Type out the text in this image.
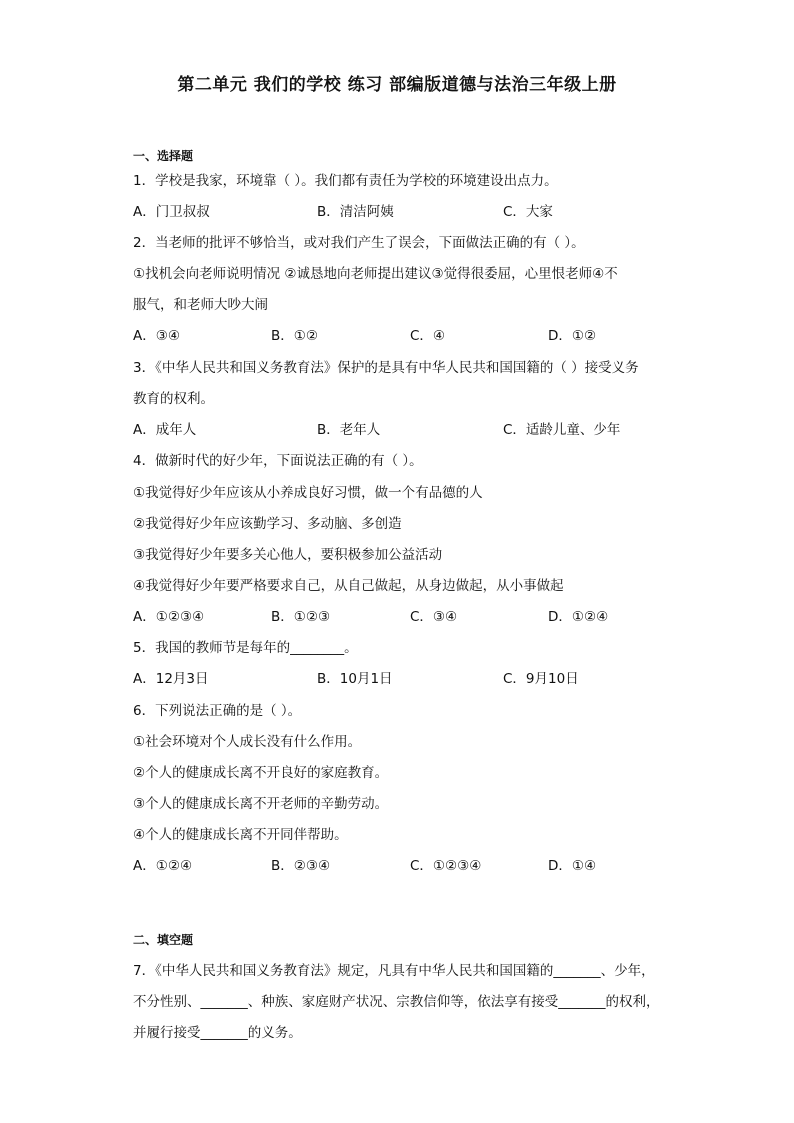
第二单元 我们的学校 练习 部编版道德与法治三年级上册
一、选择题
1．学校是我家，环境靠（ ）。我们都有责任为学校的环境建设出点力。
A．门卫叔叔	B．清洁阿姨	C．大家
2．当老师的批评不够恰当，或对我们产生了误会，下面做法正确的有（ ）。
①找机会向老师说明情况 ②诚恳地向老师提出建议③觉得很委屈，心里恨老师④不
服气，和老师大吵大闹
A．③④	B．①②	C．④	D．①②
3．《中华人民共和国义务教育法》保护的是具有中华人民共和国国籍的（ ）接受义务
教育的权利。
A．成年人	B．老年人	C．适龄儿童、少年
4．做新时代的好少年，下面说法正确的有（ ）。
①我觉得好少年应该从小养成良好习惯，做一个有品德的人
②我觉得好少年应该勤学习、多动脑、多创造
③我觉得好少年要多关心他人，要积极参加公益活动
④我觉得好少年要严格要求自己，从自己做起，从身边做起，从小事做起
A．①②③④	B．①②③	C．③④	D．①②④
5．我国的教师节是每年的________。
A．12月3日	B．10月1日	C．9月10日
6．下列说法正确的是（ ）。
①社会环境对个人成长没有什么作用。
②个人的健康成长离不开良好的家庭教育。
③个人的健康成长离不开老师的辛勤劳动。
④个人的健康成长离不开同伴帮助。
A．①②④	B．②③④	C．①②③④	D．①④
二、填空题
7．《中华人民共和国义务教育法》规定，凡具有中华人民共和国国籍的_______、少年，
不分性别、_______、种族、家庭财产状况、宗教信仰等，依法享有接受_______的权利，
并履行接受_______的义务。
